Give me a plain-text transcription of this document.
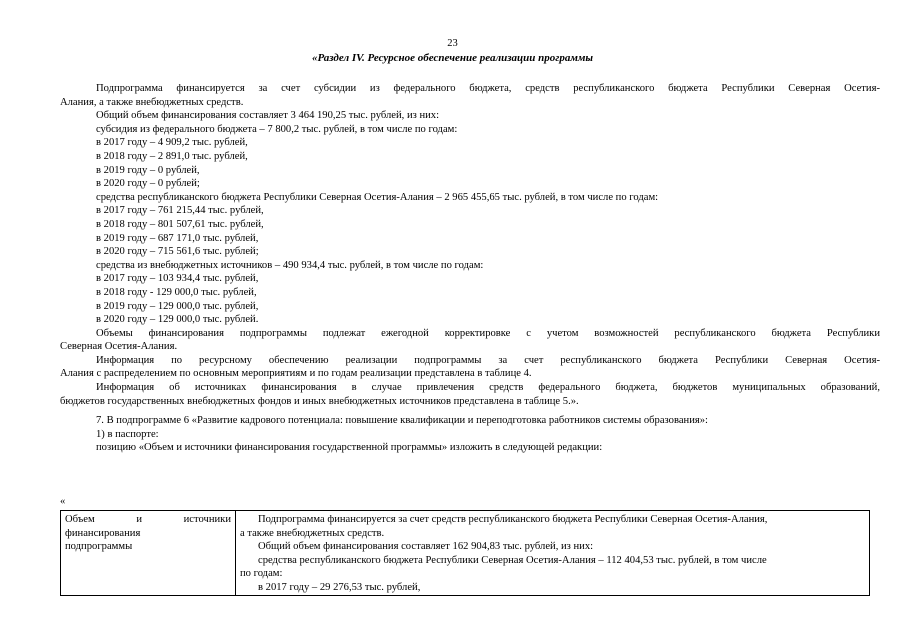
23
«Раздел IV. Ресурсное обеспечение реализации программы
Подпрограмма финансируется за счет субсидии из федерального бюджета, средств республиканского бюджета Республики Северная Осетия-
Алания, а также внебюджетных средств.
Общий объем финансирования составляет 3 464 190,25 тыс. рублей, из них:
субсидия из федерального бюджета – 7 800,2 тыс. рублей, в том числе по годам:
в 2017 году – 4 909,2 тыс. рублей,
в 2018 году – 2 891,0 тыс. рублей,
в 2019 году – 0 рублей,
в 2020 году – 0 рублей;
средства республиканского бюджета Республики Северная Осетия-Алания – 2 965 455,65 тыс. рублей, в том числе по годам:
в 2017 году – 761 215,44 тыс. рублей,
в 2018 году – 801 507,61 тыс. рублей,
в 2019 году – 687 171,0 тыс. рублей,
в 2020 году – 715 561,6 тыс. рублей;
средства из внебюджетных источников – 490 934,4 тыс. рублей, в том числе по годам:
в 2017 году – 103 934,4 тыс. рублей,
в 2018 году - 129 000,0 тыс. рублей,
в 2019 году – 129 000,0 тыс. рублей,
в 2020 году – 129 000,0 тыс. рублей.
Объемы финансирования подпрограммы подлежат ежегодной корректировке с учетом возможностей республиканского бюджета Республики
Северная Осетия-Алания.
Информация по ресурсному обеспечению реализации подпрограммы за счет республиканского бюджета Республики Северная Осетия-
Алания с распределением по основным мероприятиям и по годам реализации представлена в таблице 4.
Информация об источниках финансирования в случае привлечения средств федерального бюджета, бюджетов муниципальных образований,
бюджетов государственных внебюджетных фондов и иных внебюджетных источников представлена в таблице 5.».
7. В подпрограмме 6 «Развитие кадрового потенциала: повышение квалификации и переподготовка работников системы образования»:
1) в паспорте:
позицию «Объем и источники финансирования государственной программы» изложить в следующей редакции:
«
Объем	и	источники
финансирования
подпрограммы

Подпрограмма финансируется за счет средств республиканского бюджета Республики Северная Осетия-Алания,
а также внебюджетных средств.
Общий объем финансирования составляет 162 904,83 тыс. рублей, из них:
средства республиканского бюджета Республики Северная Осетия-Алания – 112 404,53 тыс. рублей, в том числе
по годам:
в 2017 году – 29 276,53 тыс. рублей,
